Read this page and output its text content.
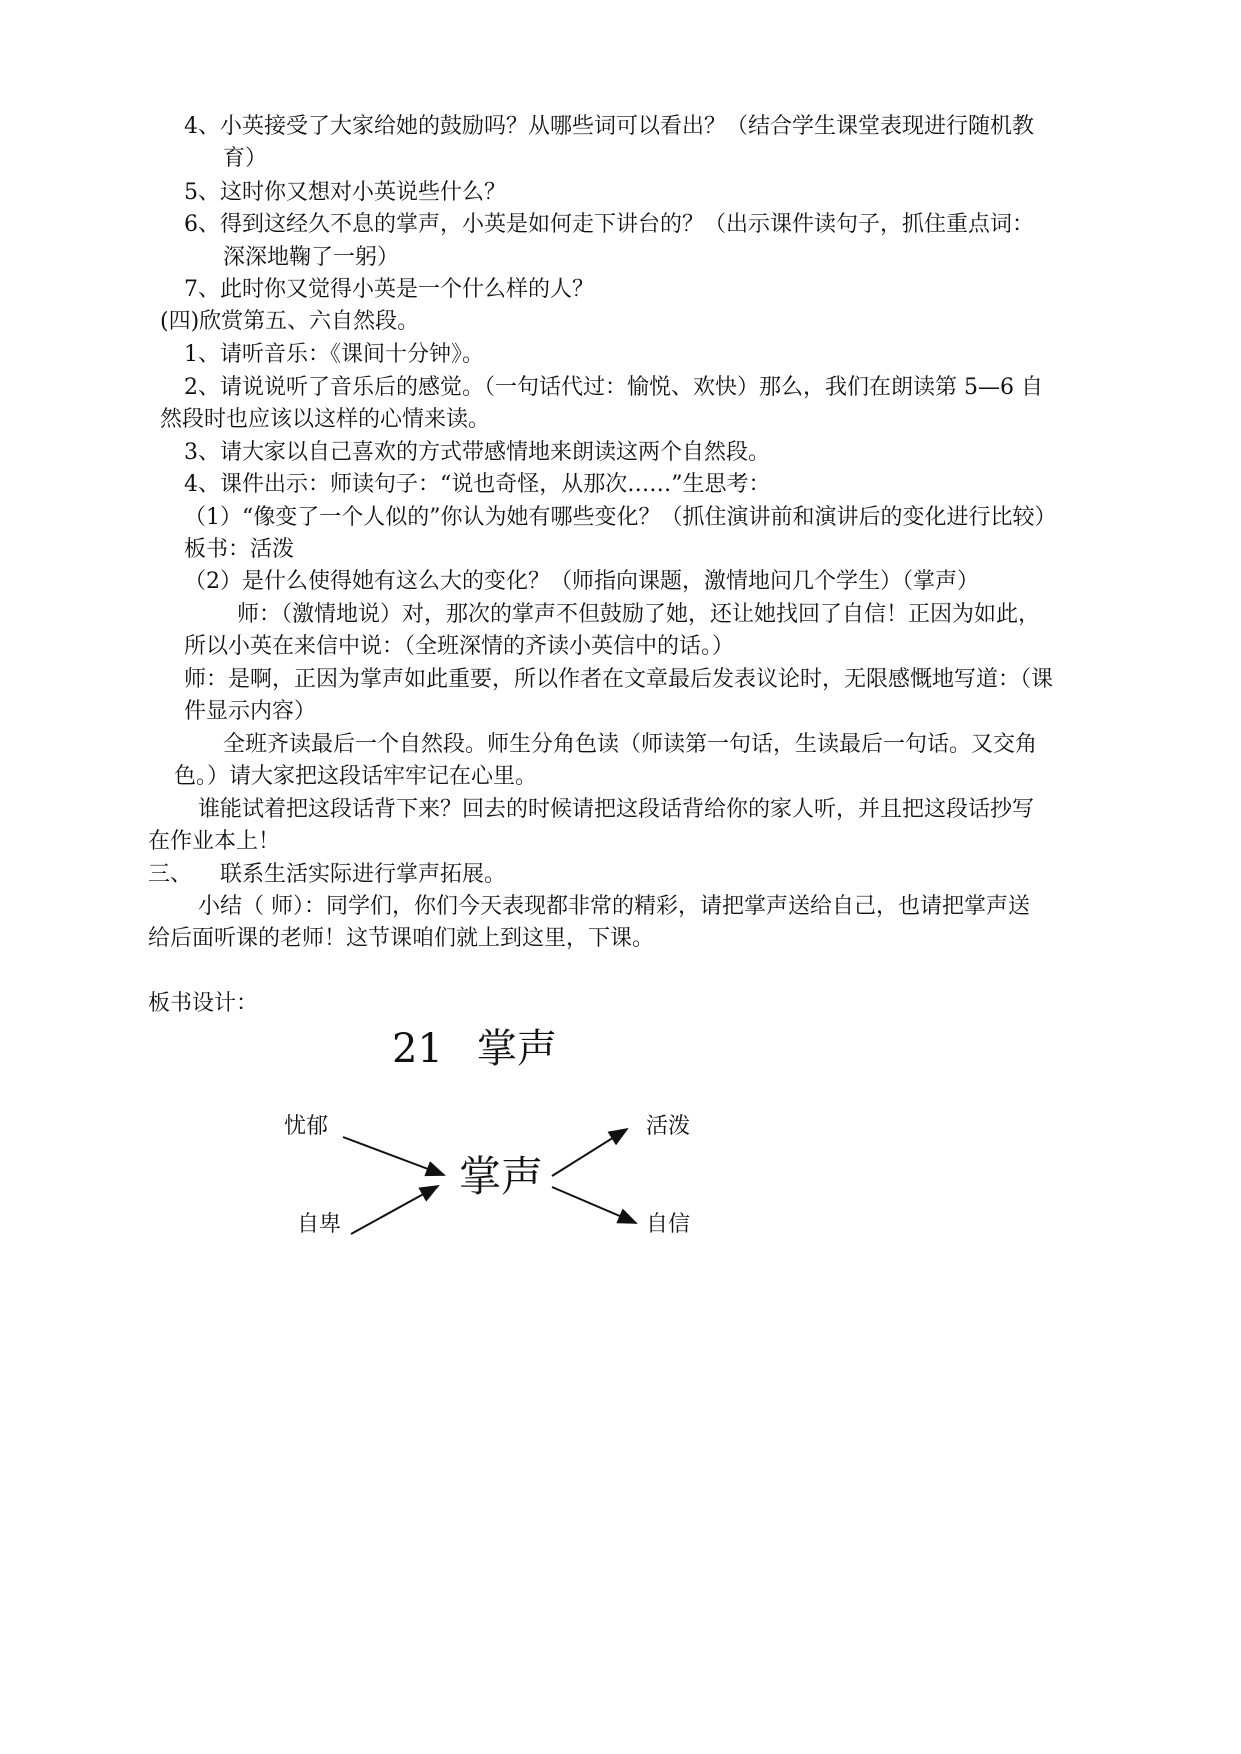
4、小英接受了大家给她的鼓励吗？从哪些词可以看出？（结合学生课堂表现进行随机教
育）
5、这时你又想对小英说些什么？
6、得到这经久不息的掌声，小英是如何走下讲台的？（出示课件读句子，抓住重点词：
深深地鞠了一躬）
7、此时你又觉得小英是一个什么样的人？
(四)欣赏第五、六自然段。
1、请听音乐：《课间十分钟》。
2、请说说听了音乐后的感觉。（一句话代过：愉悦、欢快）那么，我们在朗读第 5—6 自
然段时也应该以这样的心情来读。
3、请大家以自己喜欢的方式带感情地来朗读这两个自然段。
4、课件出示：师读句子：“说也奇怪，从那次……”生思考：
（1）“像变了一个人似的”你认为她有哪些变化？（抓住演讲前和演讲后的变化进行比较）
板书：活泼
（2）是什么使得她有这么大的变化？（师指向课题，激情地问几个学生）（掌声）
师：（激情地说）对，那次的掌声不但鼓励了她，还让她找回了自信！正因为如此，
所以小英在来信中说：（全班深情的齐读小英信中的话。）
师：是啊，正因为掌声如此重要，所以作者在文章最后发表议论时，无限感慨地写道：（课
件显示内容）
全班齐读最后一个自然段。师生分角色读（师读第一句话，生读最后一句话。又交角
色。）请大家把这段话牢牢记在心里。
谁能试着把这段话背下来？回去的时候请把这段话背给你的家人听，并且把这段话抄写
在作业本上！
三、    联系生活实际进行掌声拓展。
小结（ 师）：同学们，你们今天表现都非常的精彩，请把掌声送给自己，也请把掌声送
给后面听课的老师！这节课咱们就上到这里，下课。
板书设计：
21 掌声
忧郁
自卑
活泼
自信
掌声
